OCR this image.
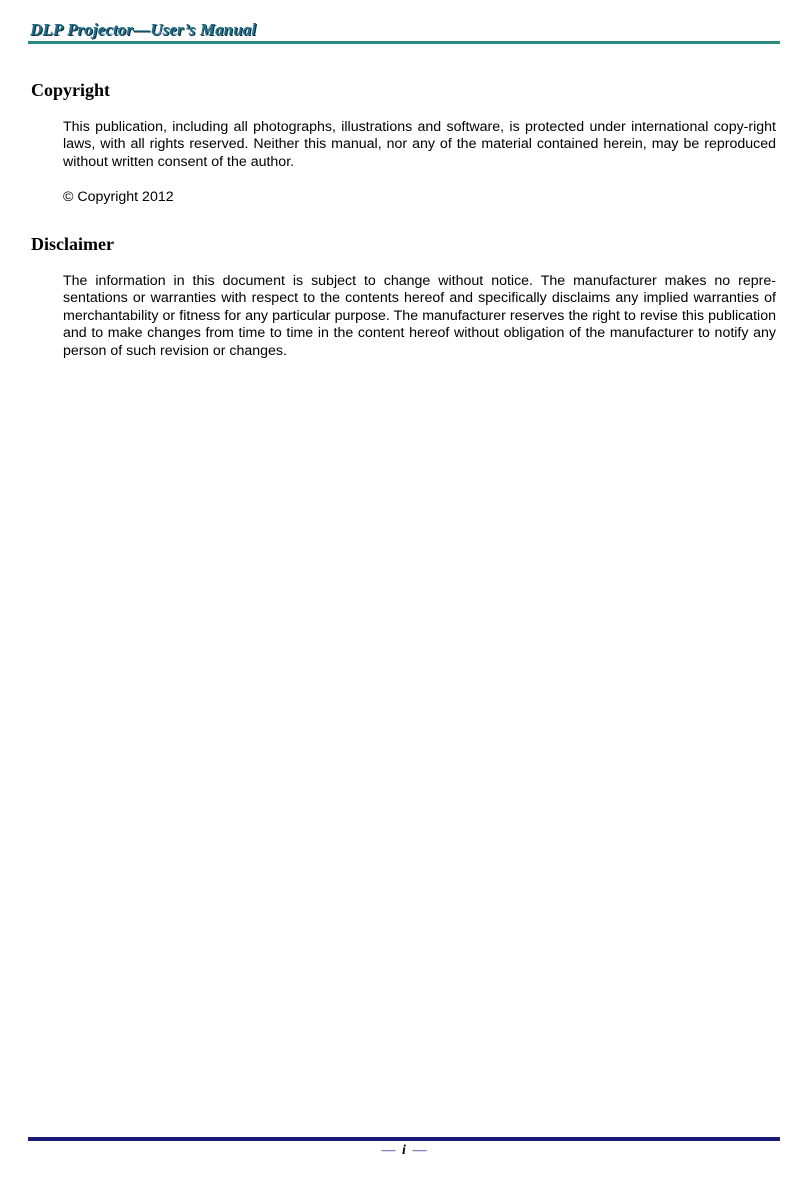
DLP Projector—User’s Manual
Copyright

This publication, including all photographs, illustrations and software, is protected under international copy-right laws, with all rights reserved. Neither this manual, nor any of the material contained herein, may be reproduced without written consent of the author.

© Copyright 2012

Disclaimer

The information in this document is subject to change without notice. The manufacturer makes no repre-sentations or warranties with respect to the contents hereof and specifically disclaims any implied warranties of merchantability or fitness for any particular purpose. The manufacturer reserves the right to revise this publication and to make changes from time to time in the content hereof without obligation of the manufacturer to notify any person of such revision or changes.

— i —
